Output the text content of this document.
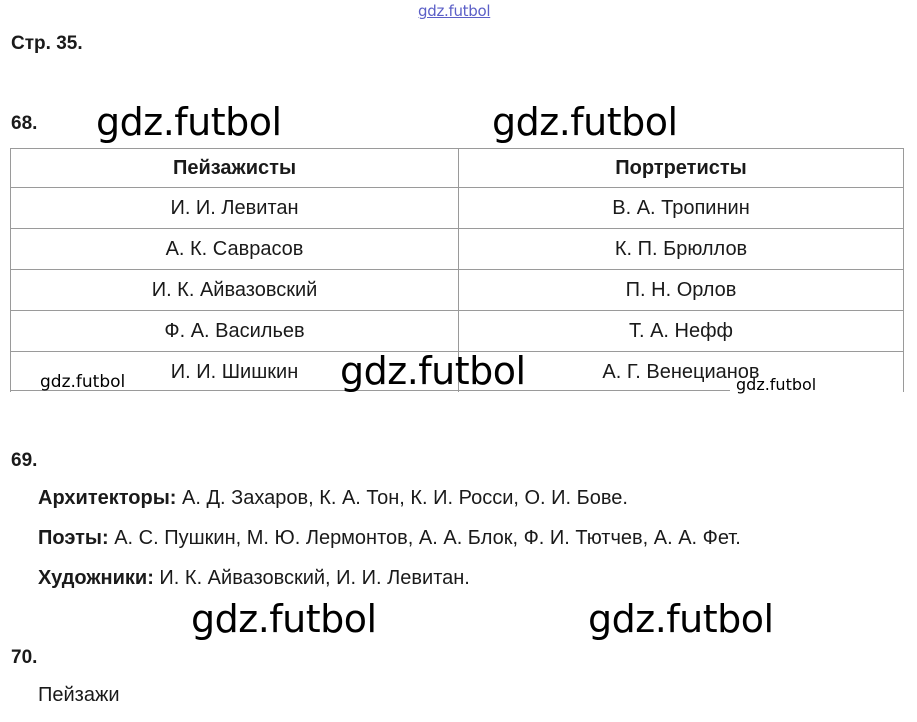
gdz.futbol
Стр. 35.
68. gdz.futbol	gdz.futbol
Пейзажисты	Портретисты
И. И. Левитан	В. А. Тропинин
А. К. Саврасов	К. П. Брюллов
И. К. Айвазовский	П. Н. Орлов
Ф. А. Васильев	Т. А. Нефф
И. И. Шишкин	А. Г. Венецианов
gdz.futbol	gdz.futbol	gdz.futbol
69.
Архитекторы: А. Д. Захаров, К. А. Тон, К. И. Росси, О. И. Бове.
Поэты: А. С. Пушкин, М. Ю. Лермонтов, А. А. Блок, Ф. И. Тютчев, А. А. Фет.
Художники: И. К. Айвазовский, И. И. Левитан.
gdz.futbol	gdz.futbol
70.
Пейзажи
